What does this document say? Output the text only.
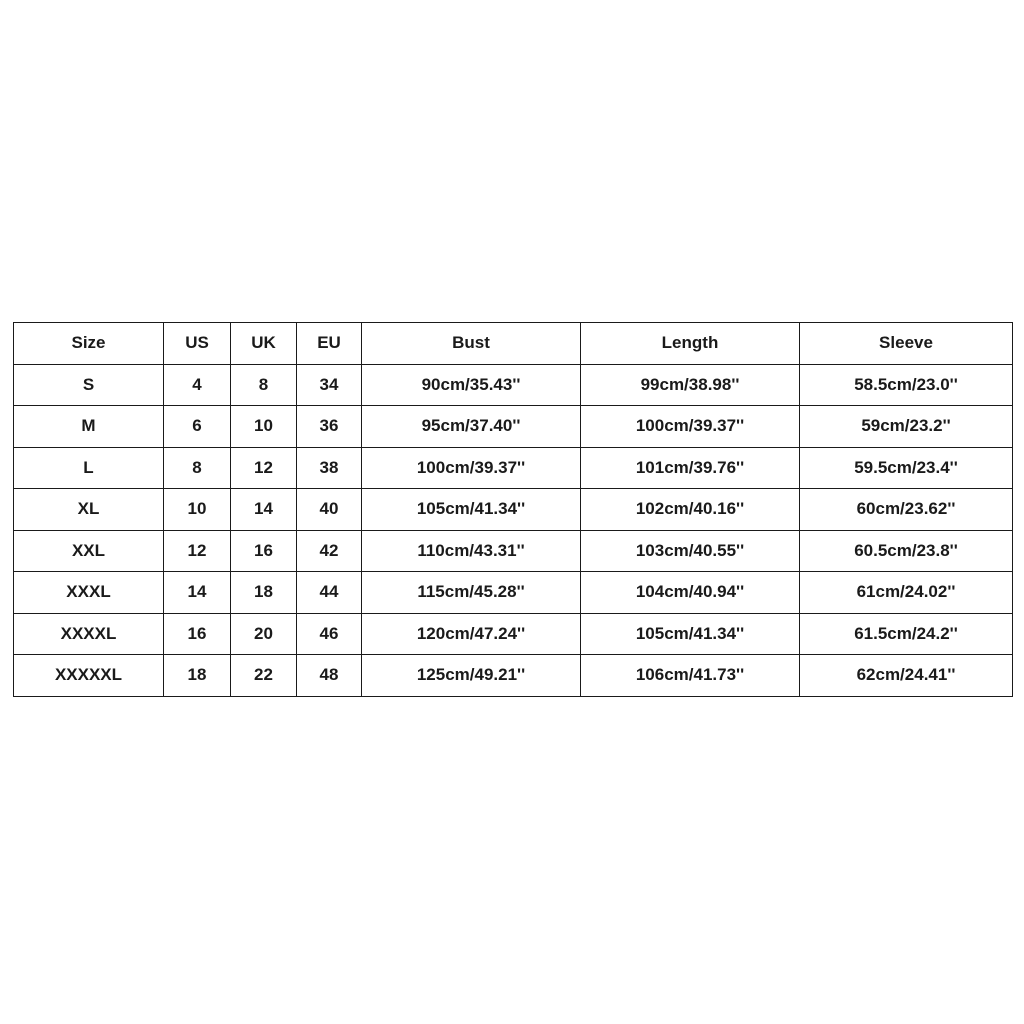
Size	US	UK	EU	Bust	Length	Sleeve
S	4	8	34	90cm/35.43''	99cm/38.98''	58.5cm/23.0''
M	6	10	36	95cm/37.40''	100cm/39.37''	59cm/23.2''
L	8	12	38	100cm/39.37''	101cm/39.76''	59.5cm/23.4''
XL	10	14	40	105cm/41.34''	102cm/40.16''	60cm/23.62''
XXL	12	16	42	110cm/43.31''	103cm/40.55''	60.5cm/23.8''
XXXL	14	18	44	115cm/45.28''	104cm/40.94''	61cm/24.02''
XXXXL	16	20	46	120cm/47.24''	105cm/41.34''	61.5cm/24.2''
XXXXXL	18	22	48	125cm/49.21''	106cm/41.73''	62cm/24.41''
